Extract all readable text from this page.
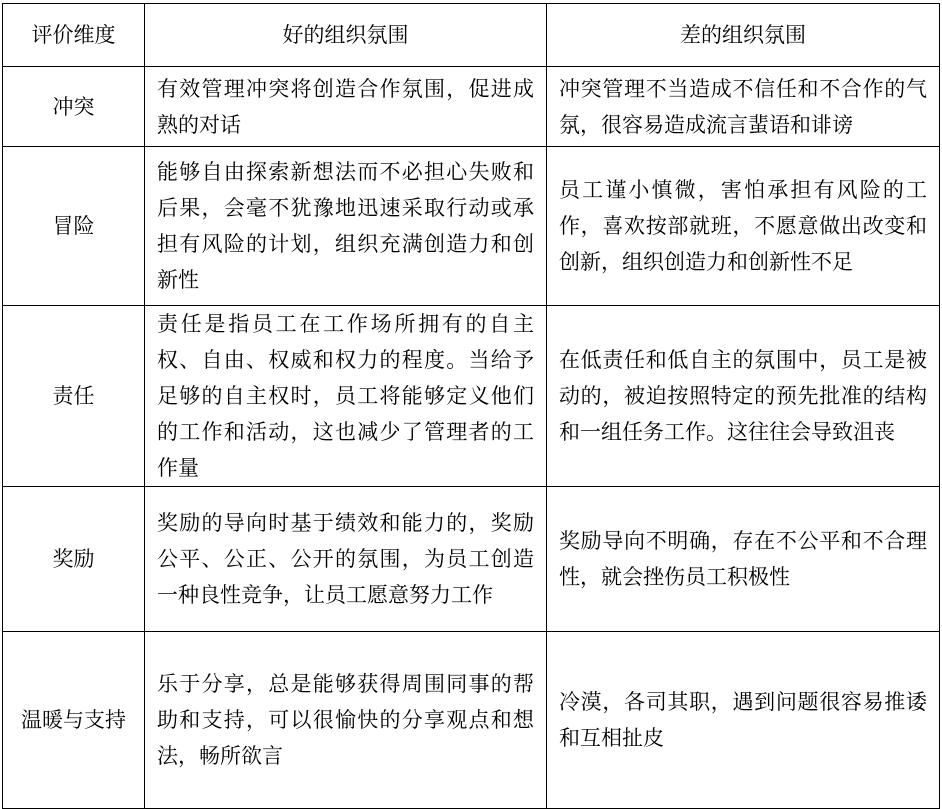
评价维度	好的组织氛围	差的组织氛围
冲突	有效管理冲突将创造合作氛围，促进成熟的对话	冲突管理不当造成不信任和不合作的气氛，很容易造成流言蜚语和诽谤
冒险	能够自由探索新想法而不必担心失败和后果，会毫不犹豫地迅速采取行动或承担有风险的计划，组织充满创造力和创新性	员工谨小慎微，害怕承担有风险的工作，喜欢按部就班，不愿意做出改变和创新，组织创造力和创新性不足
责任	责任是指员工在工作场所拥有的自主权、自由、权威和权力的程度。当给予足够的自主权时，员工将能够定义他们的工作和活动，这也减少了管理者的工作量	在低责任和低自主的氛围中，员工是被动的，被迫按照特定的预先批准的结构和一组任务工作。这往往会导致沮丧
奖励	奖励的导向时基于绩效和能力的，奖励公平、公正、公开的氛围，为员工创造一种良性竞争，让员工愿意努力工作	奖励导向不明确，存在不公平和不合理性，就会挫伤员工积极性
温暖与支持	乐于分享，总是能够获得周围同事的帮助和支持，可以很愉快的分享观点和想法，畅所欲言	冷漠，各司其职，遇到问题很容易推诿和互相扯皮
